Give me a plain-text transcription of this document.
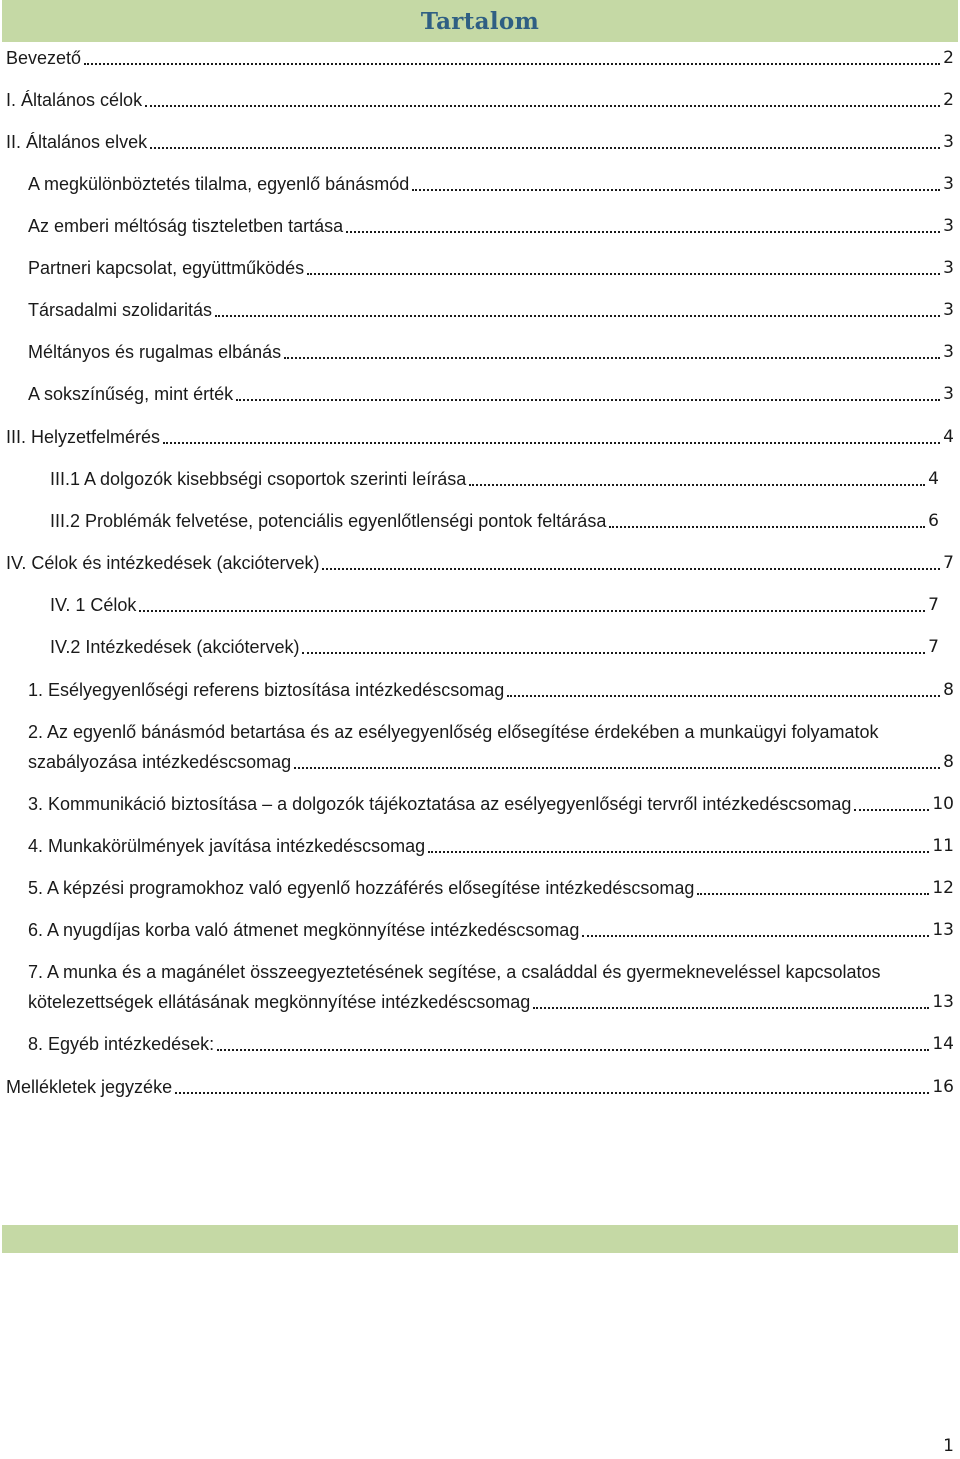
Tartalom
Bevezető	2
I. Általános célok	2
II. Általános elvek	3
A megkülönböztetés tilalma, egyenlő bánásmód	3
Az emberi méltóság tiszteletben tartása	3
Partneri kapcsolat, együttműködés	3
Társadalmi szolidaritás	3
Méltányos és rugalmas elbánás	3
A sokszínűség, mint érték	3
III. Helyzetfelmérés	4
III.1 A dolgozók kisebbségi csoportok szerinti leírása	4
III.2 Problémák felvetése, potenciális egyenlőtlenségi pontok feltárása	6
IV. Célok és intézkedések (akciótervek)	7
IV. 1 Célok	7
IV.2 Intézkedések (akciótervek)	7
1. Esélyegyenlőségi referens biztosítása intézkedéscsomag	8
2. Az egyenlő bánásmód betartása és az esélyegyenlőség elősegítése érdekében a munkaügyi folyamatok
szabályozása intézkedéscsomag	8
3. Kommunikáció biztosítása – a dolgozók tájékoztatása az esélyegyenlőségi tervről intézkedéscsomag	10
4. Munkakörülmények javítása intézkedéscsomag	11
5. A képzési programokhoz való egyenlő hozzáférés elősegítése intézkedéscsomag	12
6. A nyugdíjas korba való átmenet megkönnyítése intézkedéscsomag	13
7. A munka és a magánélet összeegyeztetésének segítése, a családdal és gyermekneveléssel kapcsolatos
kötelezettségek ellátásának megkönnyítése intézkedéscsomag	13
8. Egyéb intézkedések:	14
Mellékletek jegyzéke	16
1
